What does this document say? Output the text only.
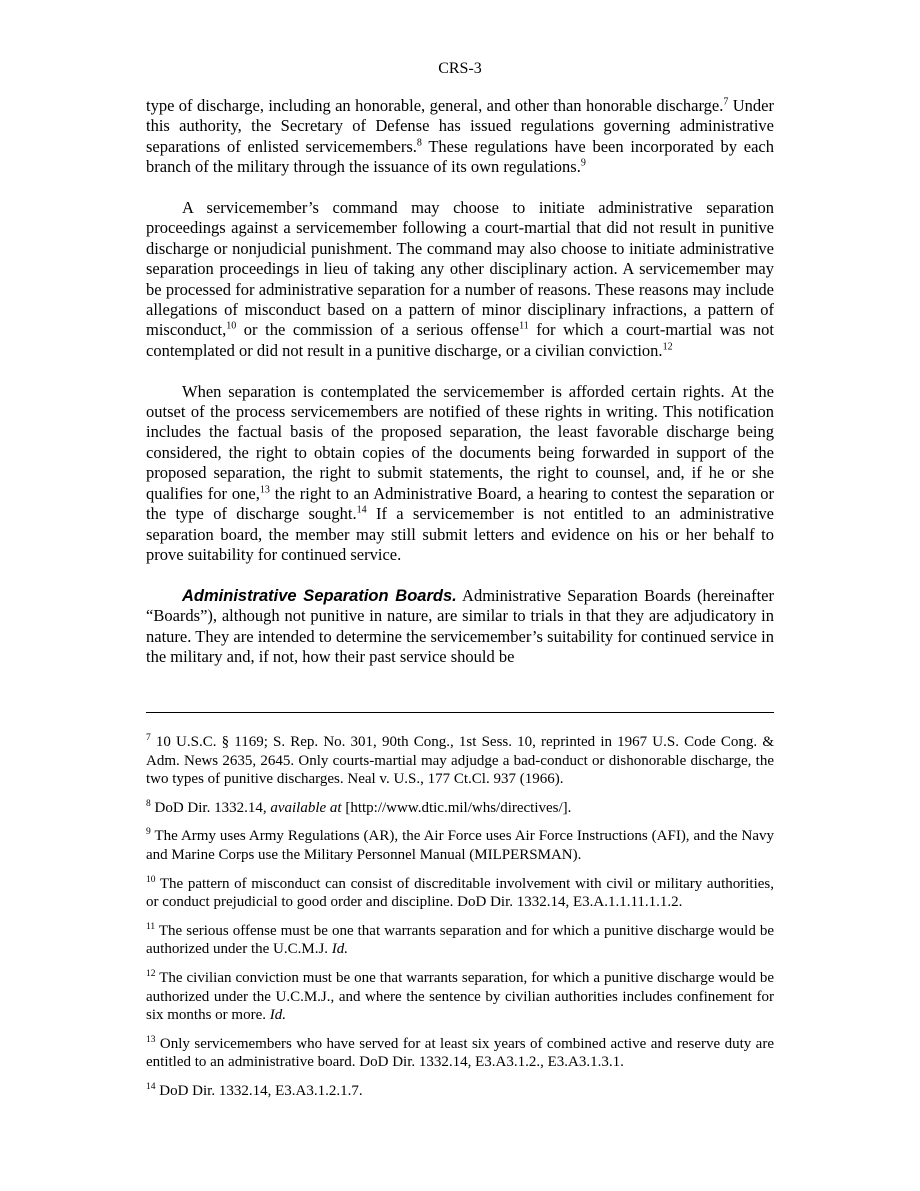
CRS-3

type of discharge, including an honorable, general, and other than honorable discharge.$^7$ Under this authority, the Secretary of Defense has issued regulations governing administrative separations of enlisted servicemembers.$^8$ These regulations have been incorporated by each branch of the military through the issuance of its own regulations.$^9$

A servicemember’s command may choose to initiate administrative separation proceedings against a servicemember following a court-martial that did not result in punitive discharge or nonjudicial punishment. The command may also choose to initiate administrative separation proceedings in lieu of taking any other disciplinary action. A servicemember may be processed for administrative separation for a number of reasons. These reasons may include allegations of misconduct based on a pattern of minor disciplinary infractions, a pattern of misconduct,$^{10}$ or the commission of a serious offense$^{11}$ for which a court-martial was not contemplated or did not result in a punitive discharge, or a civilian conviction.$^{12}$

When separation is contemplated the servicemember is afforded certain rights. At the outset of the process servicemembers are notified of these rights in writing. This notification includes the factual basis of the proposed separation, the least favorable discharge being considered, the right to obtain copies of the documents being forwarded in support of the proposed separation, the right to submit statements, the right to counsel, and, if he or she qualifies for one,$^{13}$ the right to an Administrative Board, a hearing to contest the separation or the type of discharge sought.$^{14}$ If a servicemember is not entitled to an administrative separation board, the member may still submit letters and evidence on his or her behalf to prove suitability for continued service.

Administrative Separation Boards. Administrative Separation Boards (hereinafter “Boards”), although not punitive in nature, are similar to trials in that they are adjudicatory in nature. They are intended to determine the servicemember’s suitability for continued service in the military and, if not, how their past service should be

$^7$ 10 U.S.C. § 1169; S. Rep. No. 301, 90th Cong., 1st Sess. 10, reprinted in 1967 U.S. Code Cong. & Adm. News 2635, 2645. Only courts-martial may adjudge a bad-conduct or dishonorable discharge, the two types of punitive discharges. Neal v. U.S., 177 Ct.Cl. 937 (1966).
$^8$ DoD Dir. 1332.14, available at [http://www.dtic.mil/whs/directives/].
$^9$ The Army uses Army Regulations (AR), the Air Force uses Air Force Instructions (AFI), and the Navy and Marine Corps use the Military Personnel Manual (MILPERSMAN).
$^{10}$ The pattern of misconduct can consist of discreditable involvement with civil or military authorities, or conduct prejudicial to good order and discipline. DoD Dir. 1332.14, E3.A.1.1.11.1.1.2.
$^{11}$ The serious offense must be one that warrants separation and for which a punitive discharge would be authorized under the U.C.M.J. Id.
$^{12}$ The civilian conviction must be one that warrants separation, for which a punitive discharge would be authorized under the U.C.M.J., and where the sentence by civilian authorities includes confinement for six months or more. Id.
$^{13}$ Only servicemembers who have served for at least six years of combined active and reserve duty are entitled to an administrative board. DoD Dir. 1332.14, E3.A3.1.2., E3.A3.1.3.1.
$^{14}$ DoD Dir. 1332.14, E3.A3.1.2.1.7.
